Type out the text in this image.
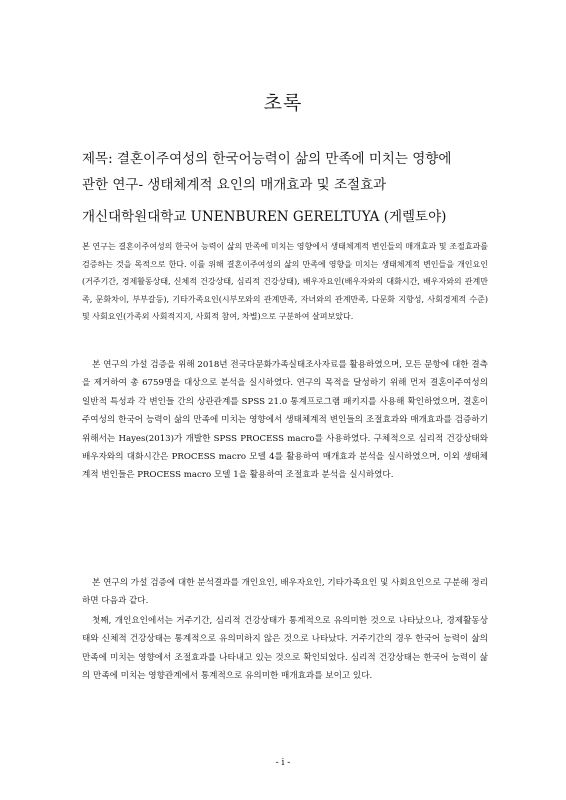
초록
제목: 결혼이주여성의 한국어능력이 삶의 만족에 미치는 영향에
관한 연구- 생태체계적 요인의 매개효과 및 조절효과
개신대학원대학교 UNENBUREN GERELTUYA (게렐토야)

본 연구는 결혼이주여성의 한국어 능력이 삶의 만족에 미치는 영향에서 생태체계적 변인들의 매개효과 및 조절효과를 검증하는 것을 목적으로 한다. 이를 위해 결혼이주여성의 삶의 만족에 영향을 미치는 생태체계적 변인들을 개인요인(거주기간, 경제활동상태, 신체적 건강상태, 심리적 건강상태), 배우자요인(배우자와의 대화시간, 배우자와의 관계만족, 문화차이, 부부갈등), 기타가족요인(시부모와의 관계만족, 자녀와의 관계만족, 다문화 지향성, 사회경제적 수준) 및 사회요인(가족외 사회적지지, 사회적 참여, 차별)으로 구분하여 살펴보았다.

본 연구의 가설 검증을 위해 2018년 전국다문화가족실태조사자료를 활용하였으며, 모든 문항에 대한 결측을 제거하여 총 6759명을 대상으로 분석을 실시하였다. 연구의 목적을 달성하기 위해 먼저 결혼이주여성의 일반적 특성과 각 변인들 간의 상관관계를 SPSS 21.0 통계프로그램 패키지를 사용해 확인하였으며, 결혼이주여성의 한국어 능력이 삶의 만족에 미치는 영향에서 생태체계적 변인들의 조절효과와 매개효과를 검증하기 위해서는 Hayes(2013)가 개발한 SPSS PROCESS macro를 사용하였다. 구체적으로 심리적 건강상태와 배우자와의 대화시간은 PROCESS macro 모델 4를 활용하여 매개효과 분석을 실시하였으며, 이외 생태체계적 변인들은 PROCESS macro 모델 1을 활용하여 조절효과 분석을 실시하였다.

본 연구의 가설 검증에 대한 분석결과를 개인요인, 배우자요인, 기타가족요인 및 사회요인으로 구분해 정리하면 다음과 같다.

첫째, 개인요인에서는 거주기간, 심리적 건강상태가 통계적으로 유의미한 것으로 나타났으나, 경제활동상태와 신체적 건강상태는 통계적으로 유의미하지 않은 것으로 나타났다. 거주기간의 경우 한국어 능력이 삶의 만족에 미치는 영향에서 조절효과를 나타내고 있는 것으로 확인되었다. 심리적 건강상태는 한국어 능력이 삶의 만족에 미치는 영향관계에서 통계적으로 유의미한 매개효과를 보이고 있다.

- i -
